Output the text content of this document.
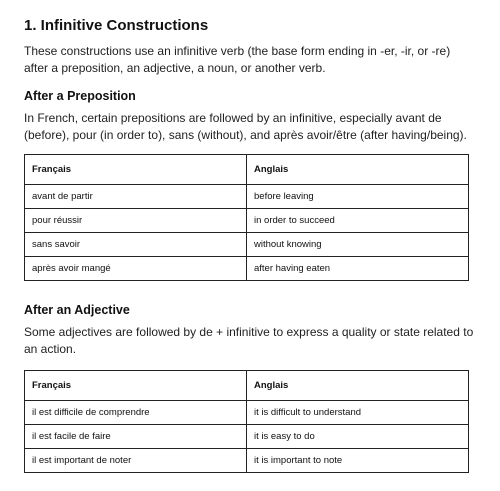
1. Infinitive Constructions

These constructions use an infinitive verb (the base form ending in -er, -ir, or -re) after a preposition, an adjective, a noun, or another verb.

After a Preposition

In French, certain prepositions are followed by an infinitive, especially avant de (before), pour (in order to), sans (without), and après avoir/être (after having/being).

Français	Anglais
avant de partir	before leaving
pour réussir	in order to succeed
sans savoir	without knowing
après avoir mangé	after having eaten
After an Adjective

Some adjectives are followed by de + infinitive to express a quality or state related to an action.

Français	Anglais
il est difficile de comprendre	it is difficult to understand
il est facile de faire	it is easy to do
il est important de noter	it is important to note
